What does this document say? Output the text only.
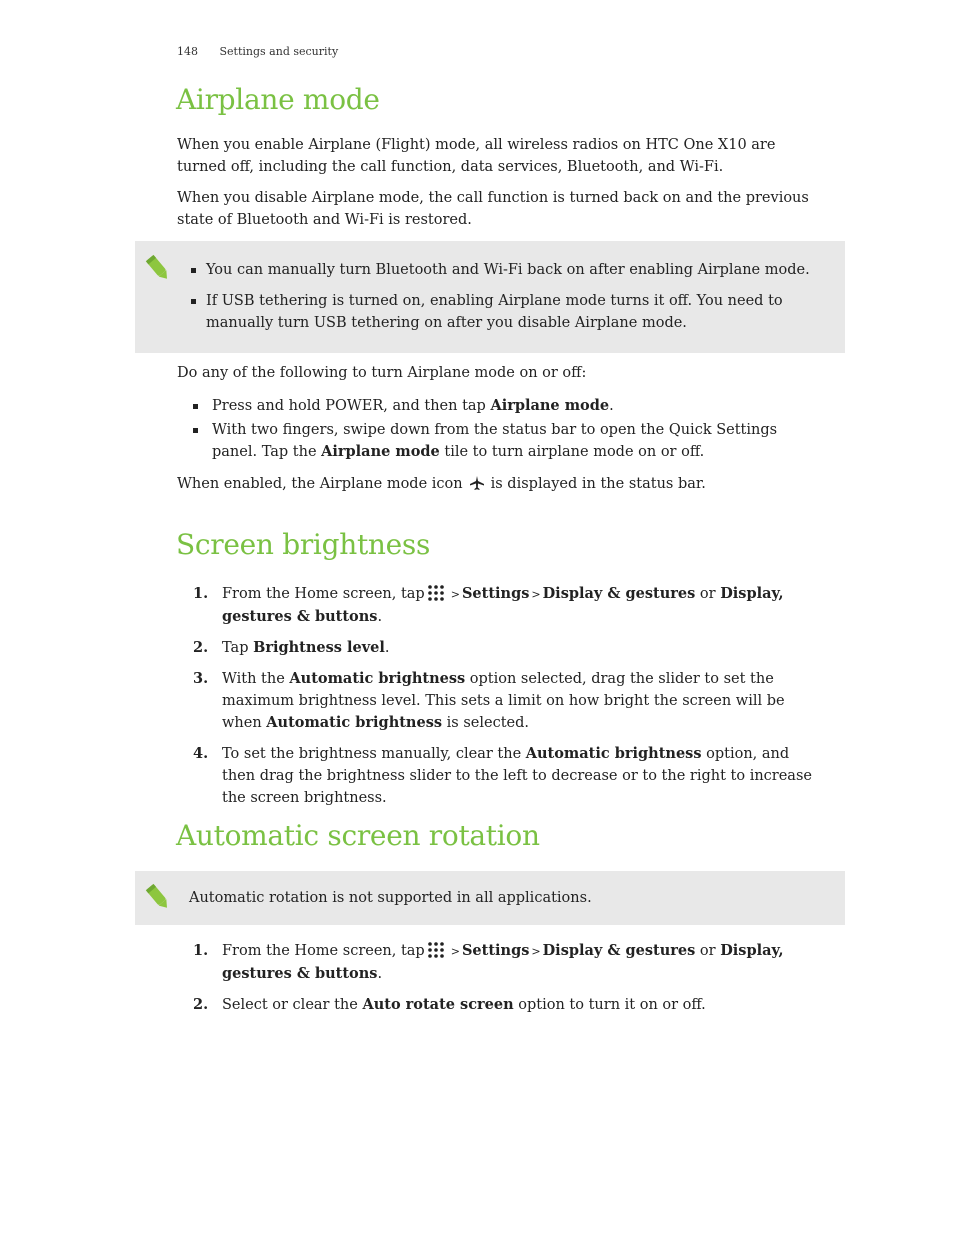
148 Settings and security
Airplane mode

When you enable Airplane (Flight) mode, all wireless radios on HTC One X10 are turned off, including the call function, data services, Bluetooth, and Wi-Fi.

When you disable Airplane mode, the call function is turned back on and the previous state of Bluetooth and Wi-Fi is restored.

You can manually turn Bluetooth and Wi-Fi back on after enabling Airplane mode.
If USB tethering is turned on, enabling Airplane mode turns it off. You need to manually turn USB tethering on after you disable Airplane mode.

Do any of the following to turn Airplane mode on or off:

Press and hold POWER, and then tap Airplane mode.
With two fingers, swipe down from the status bar to open the Quick Settings panel. Tap the Airplane mode tile to turn airplane mode on or off.

When enabled, the Airplane mode icon is displayed in the status bar.

Screen brightness
1. From the Home screen, tap > Settings > Display & gestures or Display, gestures & buttons.
2. Tap Brightness level.
3. With the Automatic brightness option selected, drag the slider to set the maximum brightness level. This sets a limit on how bright the screen will be when Automatic brightness is selected.
4. To set the brightness manually, clear the Automatic brightness option, and then drag the brightness slider to the left to decrease or to the right to increase the screen brightness.
Automatic screen rotation

Automatic rotation is not supported in all applications.

1. From the Home screen, tap > Settings > Display & gestures or Display, gestures & buttons.
2. Select or clear the Auto rotate screen option to turn it on or off.
